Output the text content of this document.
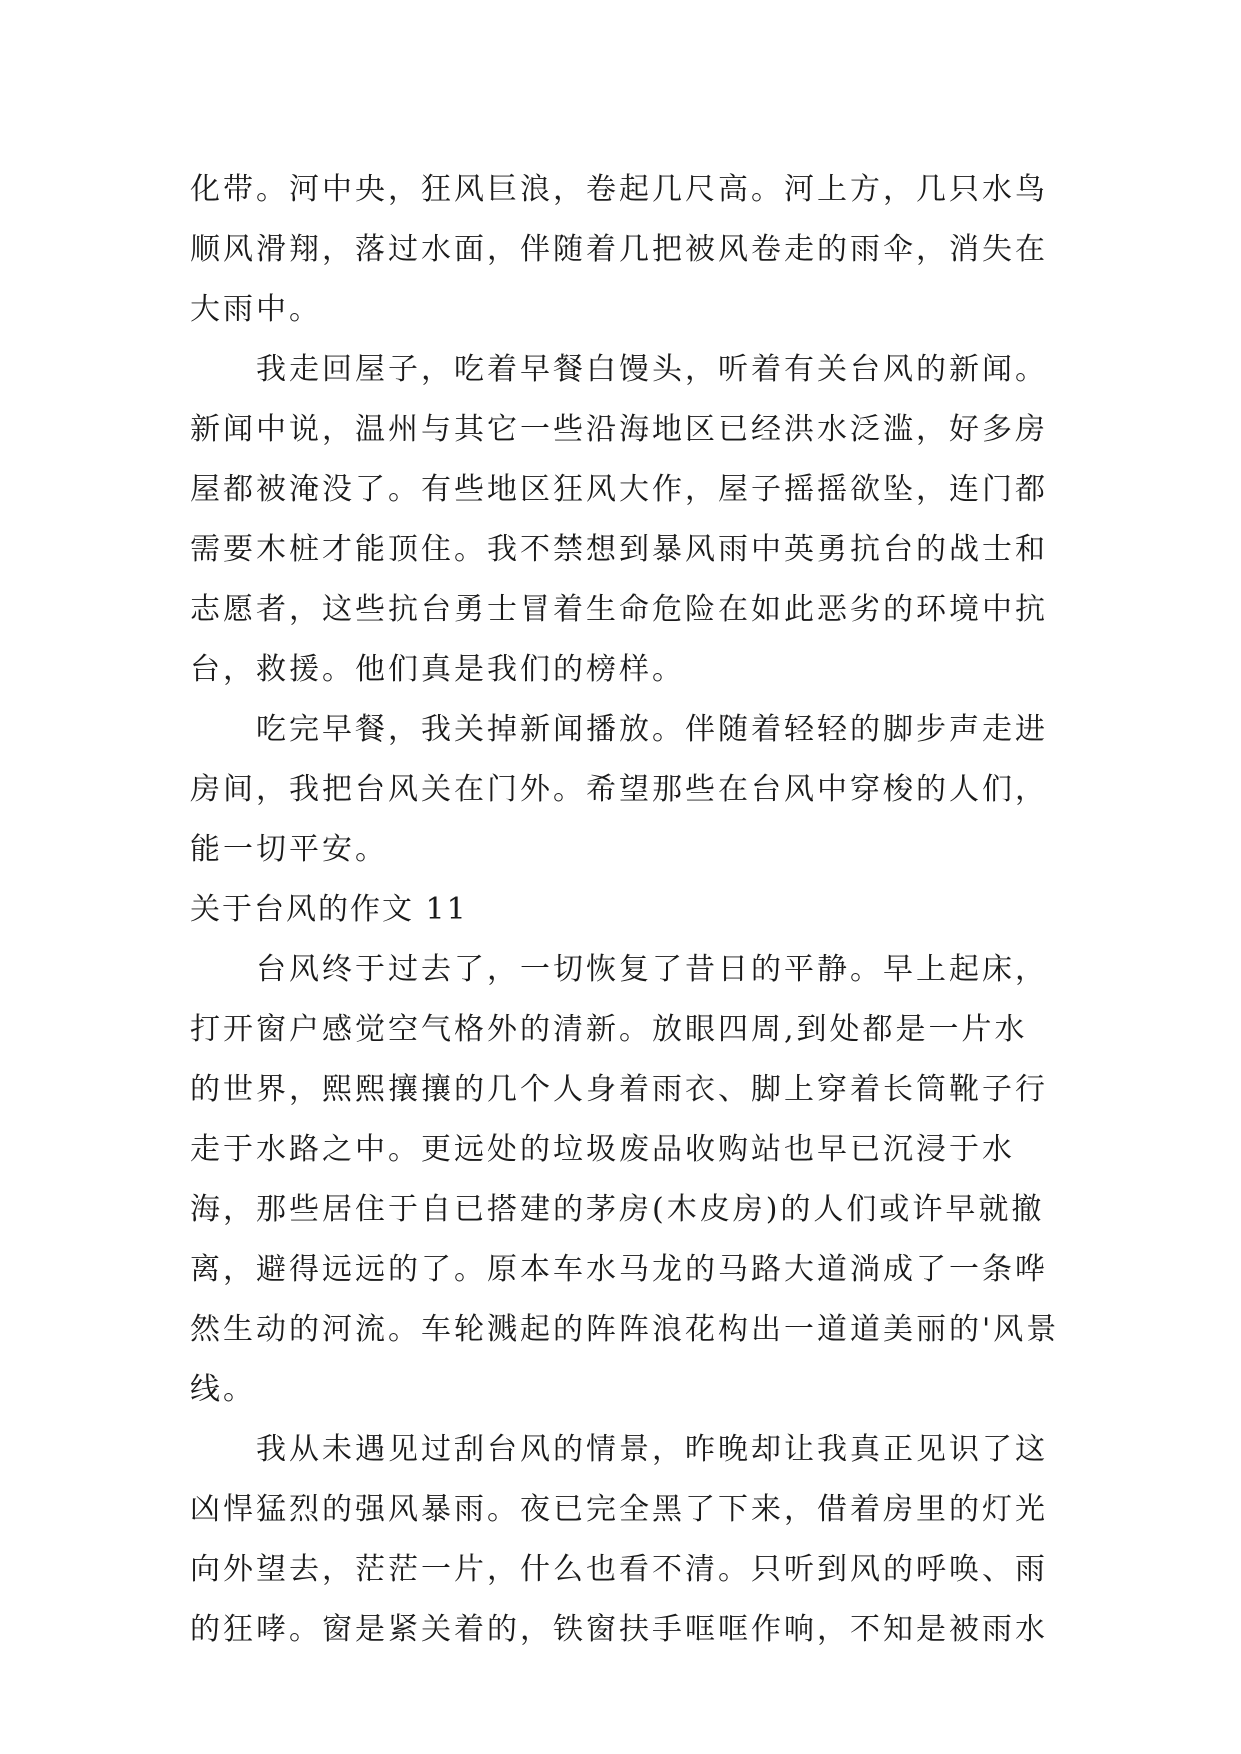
化带。河中央，狂风巨浪，卷起几尺高。河上方，几只水鸟顺风滑翔，落过水面，伴随着几把被风卷走的雨伞，消失在大雨中。

我走回屋子，吃着早餐白馒头，听着有关台风的新闻。新闻中说，温州与其它一些沿海地区已经洪水泛滥，好多房屋都被淹没了。有些地区狂风大作，屋子摇摇欲坠，连门都需要木桩才能顶住。我不禁想到暴风雨中英勇抗台的战士和志愿者，这些抗台勇士冒着生命危险在如此恶劣的环境中抗台，救援。他们真是我们的榜样。

吃完早餐，我关掉新闻播放。伴随着轻轻的脚步声走进房间，我把台风关在门外。希望那些在台风中穿梭的人们，能一切平安。

关于台风的作文 11

台风终于过去了，一切恢复了昔日的平静。早上起床，打开窗户感觉空气格外的清新。放眼四周,到处都是一片水的世界，熙熙攘攘的几个人身着雨衣、脚上穿着长筒靴子行走于水路之中。更远处的垃圾废品收购站也早已沉浸于水海，那些居住于自已搭建的茅房(木皮房)的人们或许早就撤离，避得远远的了。原本车水马龙的马路大道淌成了一条哗然生动的河流。车轮溅起的阵阵浪花构出一道道美丽的'风景线。

我从未遇见过刮台风的情景，昨晚却让我真正见识了这凶悍猛烈的强风暴雨。夜已完全黑了下来，借着房里的灯光向外望去，茫茫一片，什么也看不清。只听到风的呼唤、雨的狂哮。窗是紧关着的，铁窗扶手哐哐作响，不知是被雨水
